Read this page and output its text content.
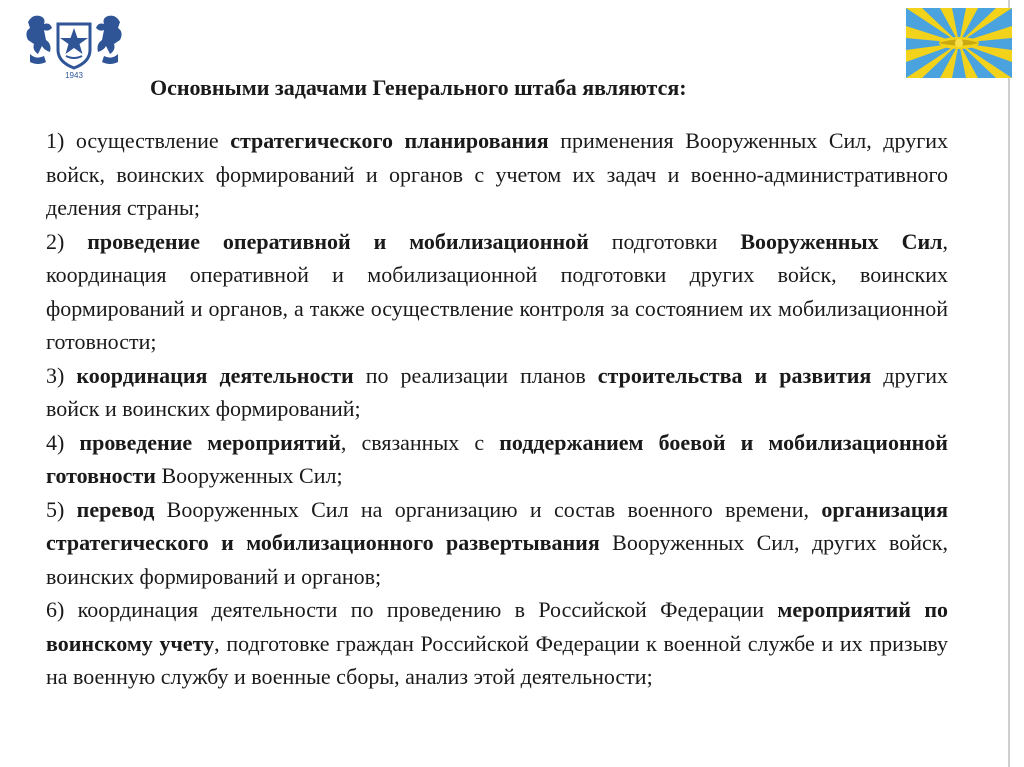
1943	Основными задачами Генерального штаба являются:

1) осуществление стратегического планирования применения Вооруженных Сил, других войск, воинских формирований и органов с учетом их задач и военно-административного деления страны;

2) проведение оперативной и мобилизационной подготовки Вооруженных Сил, координация оперативной и мобилизационной подготовки других войск, воинских формирований и органов, а также осуществление контроля за состоянием их мобилизационной готовности;

3) координация деятельности по реализации планов строительства и развития других войск и воинских формирований;

4) проведение мероприятий, связанных с поддержанием боевой и мобилизационной готовности Вооруженных Сил;

5) перевод Вооруженных Сил на организацию и состав военного времени, организация стратегического и мобилизационного развертывания Вооруженных Сил, других войск, воинских формирований и органов;

6) координация деятельности по проведению в Российской Федерации мероприятий по воинскому учету, подготовке граждан Российской Федерации к военной службе и их призыву на военную службу и военные сборы, анализ этой деятельности;
